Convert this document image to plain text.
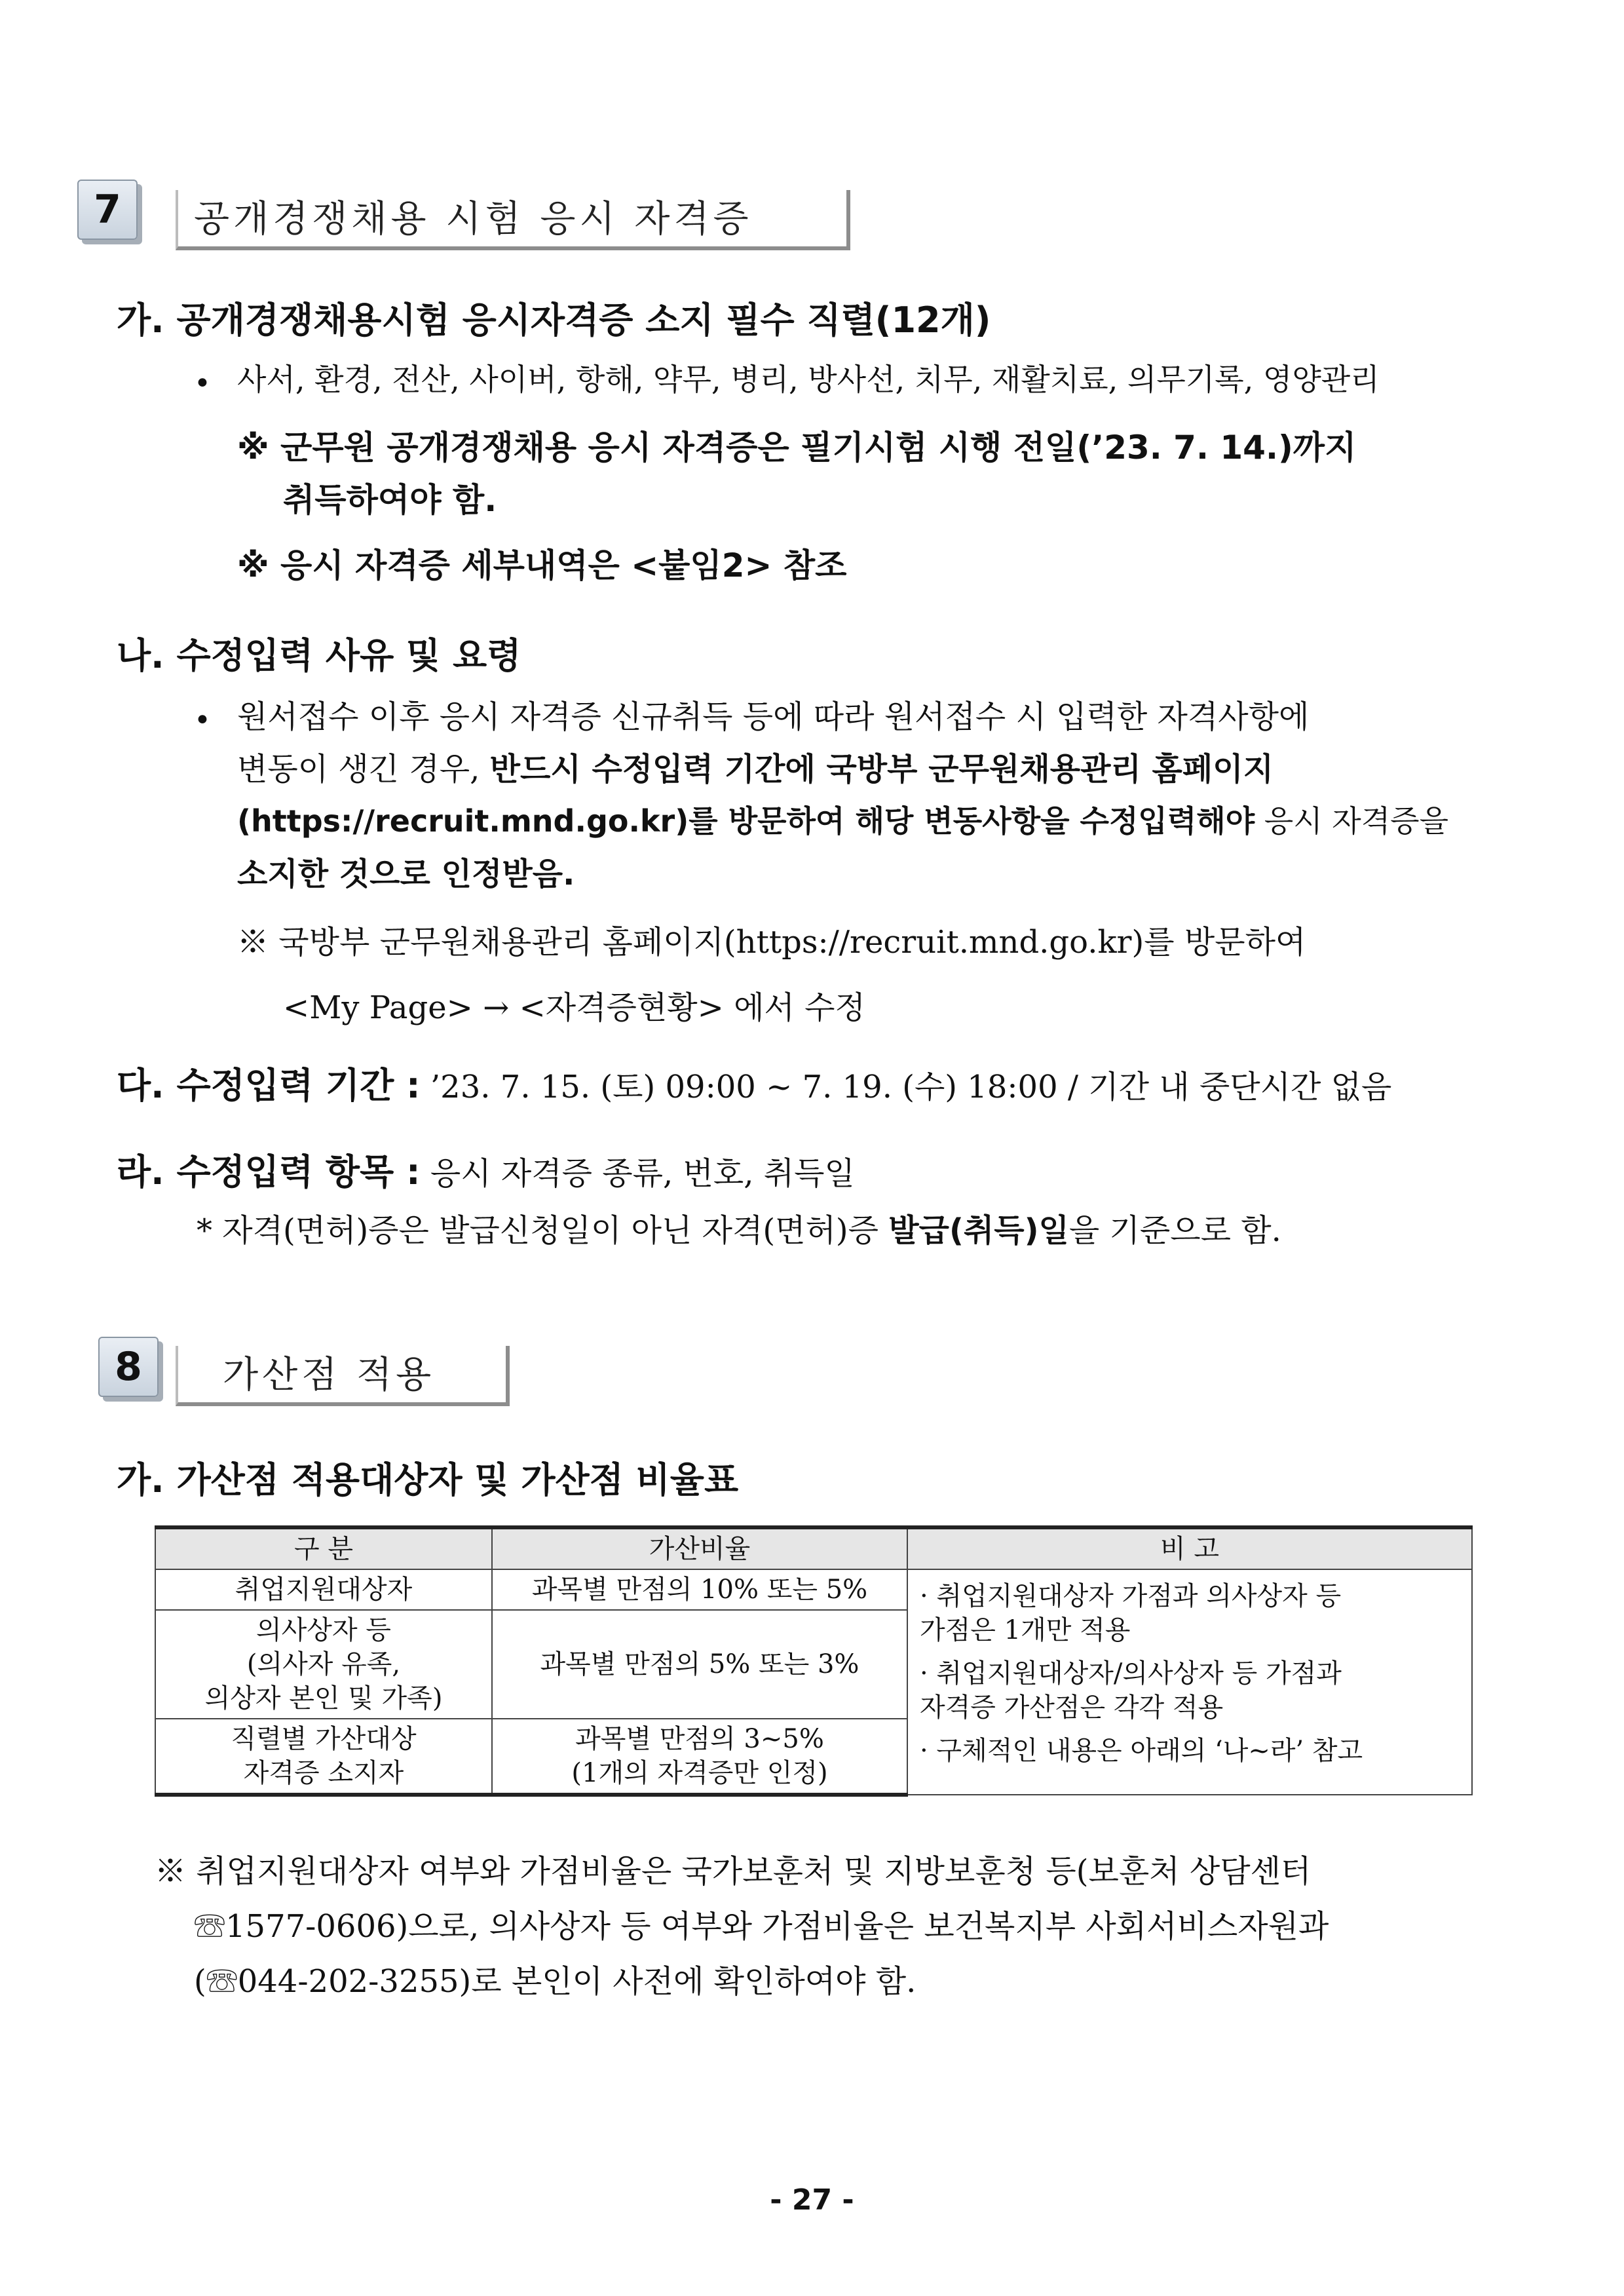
7	공개경쟁채용 시험 응시 자격증
가. 공개경쟁채용시험 응시자격증 소지 필수 직렬(12개)
• 사서, 환경, 전산, 사이버, 항해, 약무, 병리, 방사선, 치무, 재활치료, 의무기록, 영양관리
※ 군무원 공개경쟁채용 응시 자격증은 필기시험 시행 전일(’23. 7. 14.)까지
취득하여야 함.
※ 응시 자격증 세부내역은 <붙임2> 참조
나. 수정입력 사유 및 요령
• 원서접수 이후 응시 자격증 신규취득 등에 따라 원서접수 시 입력한 자격사항에
변동이 생긴 경우, 반드시 수정입력 기간에 국방부 군무원채용관리 홈페이지
(https://recruit.mnd.go.kr)를 방문하여 해당 변동사항을 수정입력해야 응시 자격증을
소지한 것으로 인정받음.
※ 국방부 군무원채용관리 홈페이지(https://recruit.mnd.go.kr)를 방문하여
<My Page> → <자격증현황> 에서 수정
다. 수정입력 기간 : ’23. 7. 15. (토) 09:00 ~ 7. 19. (수) 18:00 / 기간 내 중단시간 없음
라. 수정입력 항목 : 응시 자격증 종류, 번호, 취득일
* 자격(면허)증은 발급신청일이 아닌 자격(면허)증 발급(취득)일을 기준으로 함.
8	가산점 적용
가. 가산점 적용대상자 및 가산점 비율표
구 분	가산비율	비 고
취업지원대상자	과목별 만점의 10% 또는 5%	· 취업지원대상자 가점과 의사상자 등
가점은 1개만 적용
· 취업지원대상자/의사상자 등 가점과
자격증 가산점은 각각 적용
· 구체적인 내용은 아래의 ‘나~라’ 참고

의사상자 등
(의사자 유족,
의상자 본인 및 가족)	과목별 만점의 5% 또는 3%	

직렬별 가산대상
자격증 소지자	과목별 만점의 3~5%
(1개의 자격증만 인정)	
※ 취업지원대상자 여부와 가점비율은 국가보훈처 및 지방보훈청 등(보훈처 상담센터
☏1577-0606)으로, 의사상자 등 여부와 가점비율은 보건복지부 사회서비스자원과
(☏044-202-3255)로 본인이 사전에 확인하여야 함.
- 27 -
